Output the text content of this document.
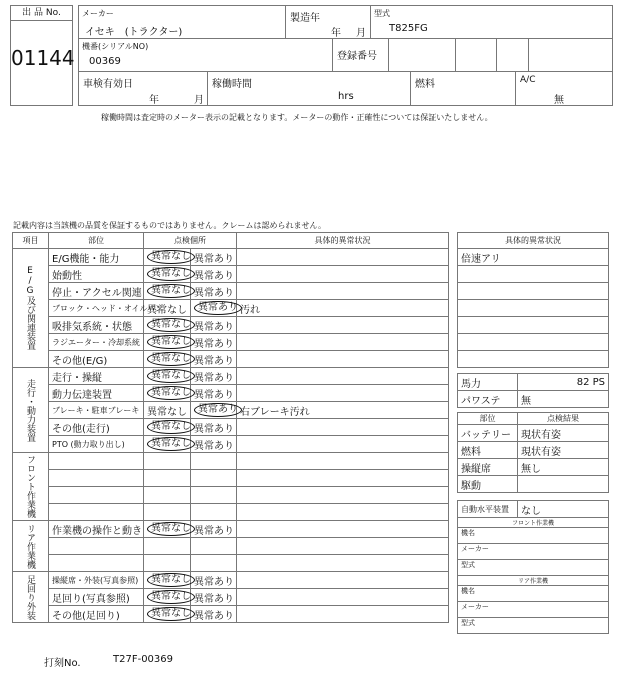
出 品 No.
01144
メーカー
イセキ　(トラクター)
製造年
年 月
型式
T825FG
機番(シリアルNO)
00369	登録番号
車検有効日
年	月
稼働時間
hrs
燃料	A/C
無
稼働時間は査定時のメーター表示の記載となります。メーターの動作・正確性については保証いたしません。
記載内容は当該機の品質を保証するものではありません。クレームは認められません。
項目	部位	点検個所		具体的異常状況
E/G及び関連装置	E/G機能・能力	異常なし	異常あり	
	始動性	異常なし	異常あり	
	停止・アクセル関連	異常なし	異常あり	
	ブロック・ヘッド・オイルパン	異常なし	異常あり	汚れ
	吸排気系統・状態	異常なし	異常あり	
	ラジエーター・冷却系統	異常なし	異常あり	
	その他(E/G)	異常なし	異常あり	
走行・動力装置	走行・操縦	異常なし	異常あり	
	動力伝達装置	異常なし	異常あり	
	ブレーキ・駐車ブレーキ	異常なし	異常あり	右ブレーキ汚れ
	その他(走行)	異常なし	異常あり	
	PTO (動力取り出し)	異常なし	異常あり	
フロント作業機				

リア作業機	作業機の操作と動き	異常なし	異常あり	

足回り外装	操縦席・外装(写真参照)	異常なし	異常あり	
	足回り(写真参照)	異常なし	異常あり	
	その他(足回り)	異常なし	異常あり	
具体的異常状況
倍速アリ

馬力	82 PS
パワステ	無
部位	点検結果
バッテリー	現状有姿
燃料	現状有姿
操縦席	無し
駆動	
自動水平装置	なし
フロント作業機
機名
メーカー
型式
リア作業機
機名
メーカー
型式
打刻No.	T27F-00369
